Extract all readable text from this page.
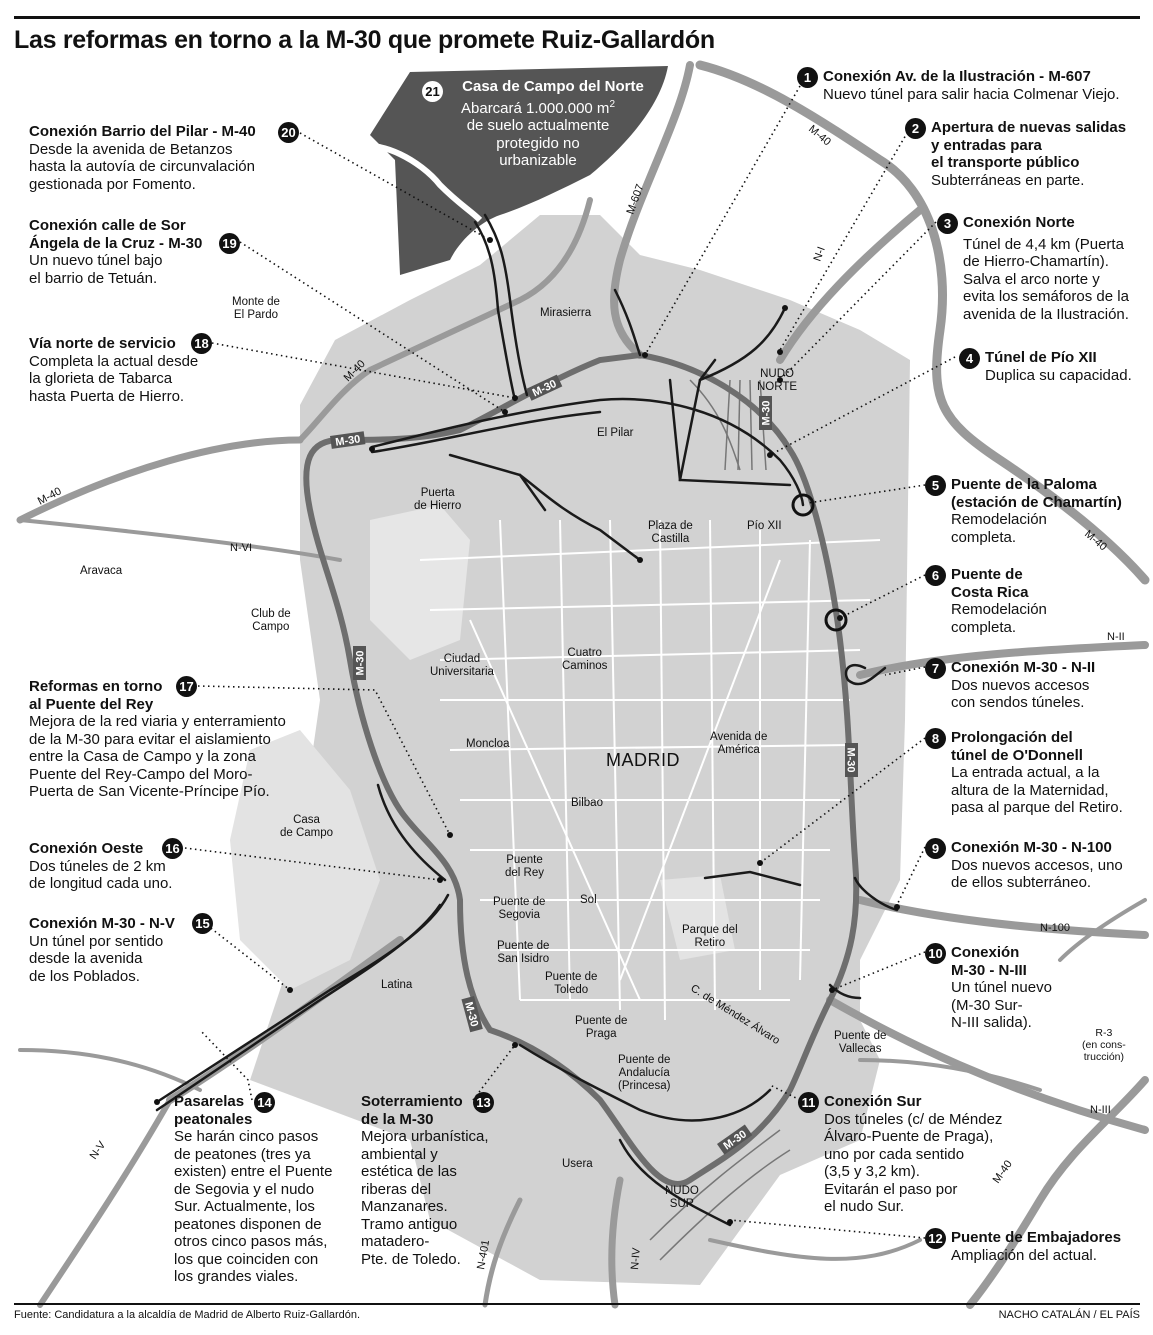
M-30
M-30
M-30
M-30
M-30
M-30
M-30
M-40
M-607
N-I
M-40
M-40
N-VI	M-40
N-II
N-100
N-III
M-40
N-V
N-IV
N-401
C. de Méndez Álvaro
Las reformas en torno a la M-30 que promete Ruiz-Gallardón
Fuente: Candidatura a la alcaldía de Madrid de Alberto Ruiz-Gallardón.	NACHO CATALÁN / EL PAÍS
MADRID
Monte de
El Pardo	Mirasierra
NUDO
NORTE
El Pilar
Puerta
de Hierro
Plaza de
Castilla
Pío XII
Aravaca
Club de
Campo
Ciudad
Universitaria
Cuatro
Caminos
Moncloa
Avenida de
América
Bilbao
Casa
de Campo
Puente
del Rey
Sol
Puente de
Segovia
Parque del
Retiro
Puente de
San Isidro
Puente de
Toledo
Latina
Puente de
Praga
Puente de
Andalucía
(Princesa)
Puente de
Vallecas
Usera
NUDO
SUR
R-3
(en cons-
trucción)
21	Casa de Campo del Norte
Abarcará 1.000.000 $m^2$
de suelo actualmente
protegido no
urbanizable
1 Conexión Av. de la Ilustración - M-607
Nuevo túnel para salir hacia Colmenar Viejo.
2 Apertura de nuevas salidas
y entradas para
el transporte público
Subterráneas en parte.
3 Conexión Norte
Túnel de 4,4 km (Puerta
de Hierro-Chamartín).
Salva el arco norte y
evita los semáforos de la
avenida de la Ilustración.
4 Túnel de Pío XII
Duplica su capacidad.
5 Puente de la Paloma
(estación de Chamartín)
Remodelación
completa.
6 Puente de
Costa Rica
Remodelación
completa.
7 Conexión M-30 - N-II
Dos nuevos accesos
con sendos túneles.
8 Prolongación del
túnel de O'Donnell
La entrada actual, a la
altura de la Maternidad,
pasa al parque del Retiro.
9 Conexión M-30 - N-100
Dos nuevos accesos, uno
de ellos subterráneo.
10 Conexión
M-30 - N-III
Un túnel nuevo
(M-30 Sur-
N-III salida).
11 Conexión Sur
Dos túneles (c/ de Méndez
Álvaro-Puente de Praga),
uno por cada sentido
(3,5 y 3,2 km).
Evitarán el paso por
el nudo Sur.
12 Puente de Embajadores
Ampliación del actual.
13
Soterramiento
de la M-30
Mejora urbanística,
ambiental y
estética de las
riberas del
Manzanares.
Tramo antiguo
matadero-
Pte. de Toledo.
14
Pasarelas
peatonales
Se harán cinco pasos
de peatones (tres ya
existen) entre el Puente
de Segovia y el nudo
Sur. Actualmente, los
peatones disponen de
otros cinco pasos más,
los que coinciden con
los grandes viales.
15
Conexión M-30 - N-V
Un túnel por sentido
desde la avenida
de los Poblados.
16
Conexión Oeste
Dos túneles de 2 km
de longitud cada uno.
17
Reformas en torno
al Puente del Rey
Mejora de la red viaria y enterramiento
de la M-30 para evitar el aislamiento
entre la Casa de Campo y la zona
Puente del Rey-Campo del Moro-
Puerta de San Vicente-Príncipe Pío.
18
Vía norte de servicio
Completa la actual desde
la glorieta de Tabarca
hasta Puerta de Hierro.
19
Conexión calle de Sor
Ángela de la Cruz - M-30
Un nuevo túnel bajo
el barrio de Tetuán.
20
Conexión Barrio del Pilar - M-40
Desde la avenida de Betanzos
hasta la autovía de circunvalación
gestionada por Fomento.
